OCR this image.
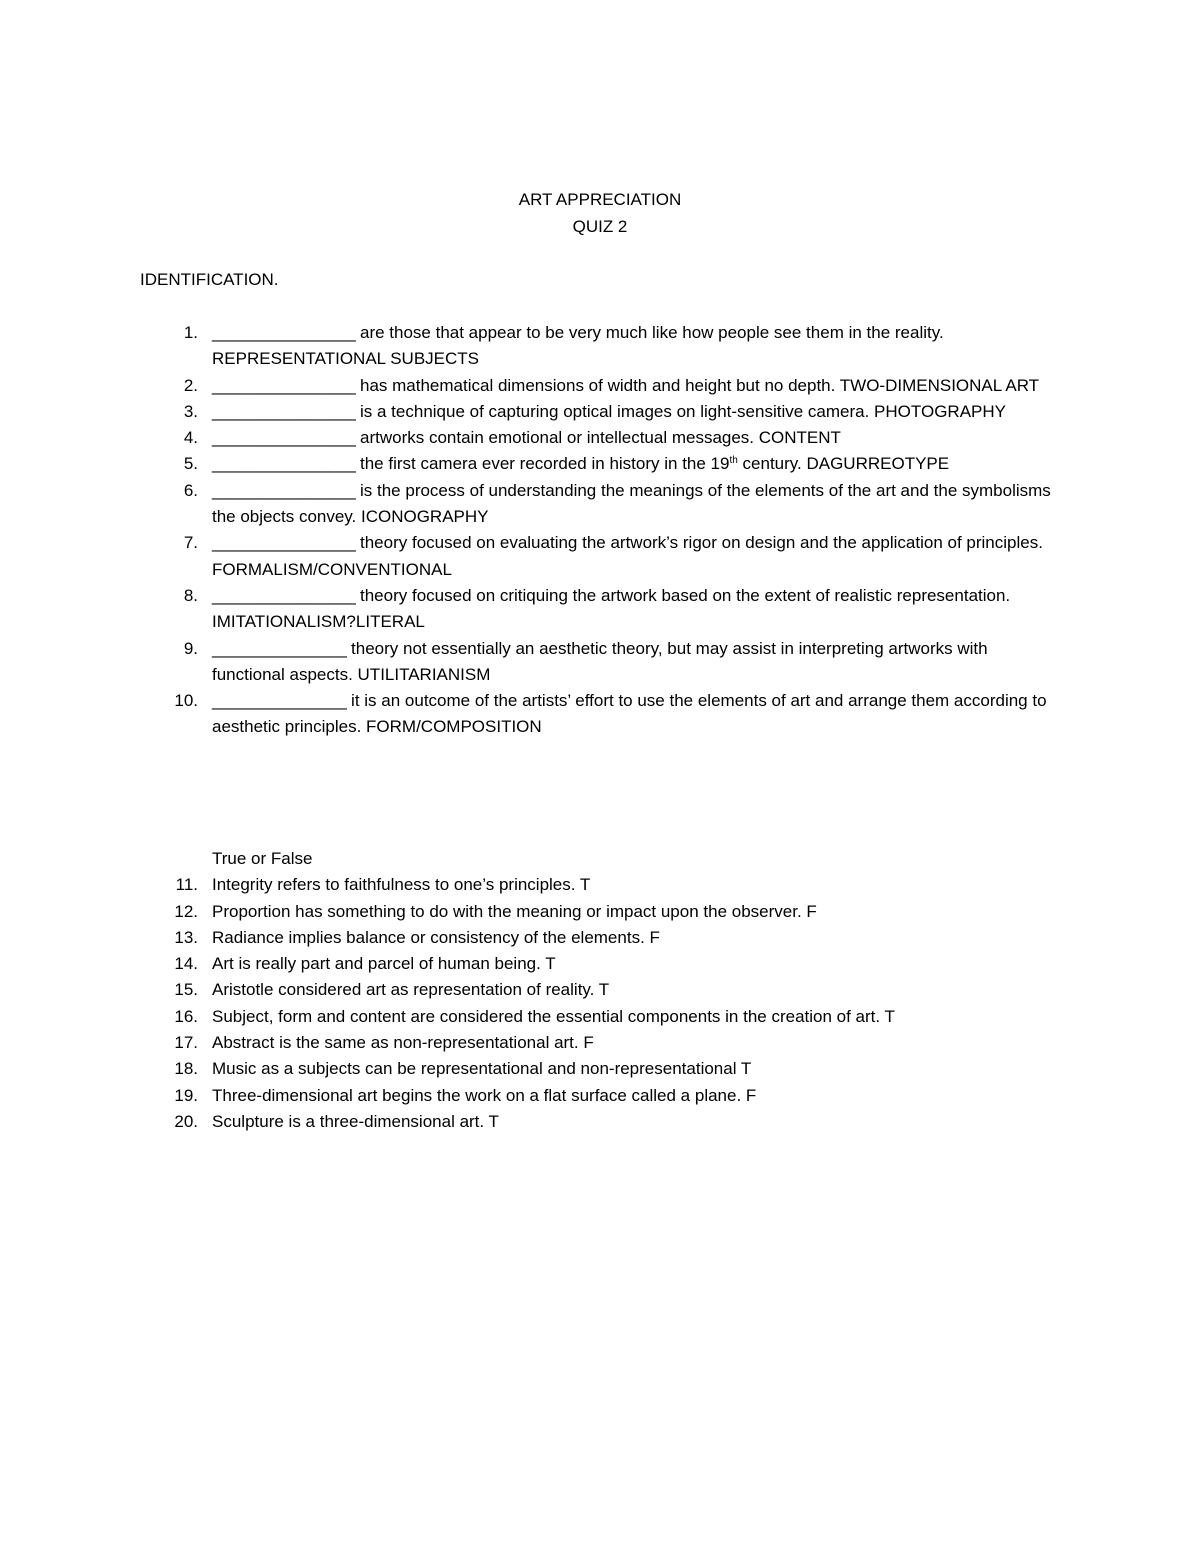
ART APPRECIATION
QUIZ 2
IDENTIFICATION.
1. ________________ are those that appear to be very much like how people see them in the reality. REPRESENTATIONAL SUBJECTS
2. ________________ has mathematical dimensions of width and height but no depth. TWO-DIMENSIONAL ART
3. ________________ is a technique of capturing optical images on light-sensitive camera. PHOTOGRAPHY
4. ________________ artworks contain emotional or intellectual messages. CONTENT
5. ________________ the first camera ever recorded in history in the 19th century. DAGURREOTYPE
6. ________________ is the process of understanding the meanings of the elements of the art and the symbolisms the objects convey. ICONOGRAPHY
7. ________________ theory focused on evaluating the artwork’s rigor on design and the application of principles. FORMALISM/CONVENTIONAL
8. ________________ theory focused on critiquing the artwork based on the extent of realistic representation. IMITATIONALISM?LITERAL
9. _______________ theory not essentially an aesthetic theory, but may assist in interpreting artworks with functional aspects. UTILITARIANISM
10. _______________ it is an outcome of the artists’ effort to use the elements of art and arrange them according to aesthetic principles. FORM/COMPOSITION
True or False
11. Integrity refers to faithfulness to one’s principles. T
12. Proportion has something to do with the meaning or impact upon the observer. F
13. Radiance implies balance or consistency of the elements. F
14. Art is really part and parcel of human being. T
15. Aristotle considered art as representation of reality. T
16. Subject, form and content are considered the essential components in the creation of art. T
17. Abstract is the same as non-representational art. F
18. Music as a subjects can be representational and non-representational T
19. Three-dimensional art begins the work on a flat surface called a plane. F
20. Sculpture is a three-dimensional art. T
